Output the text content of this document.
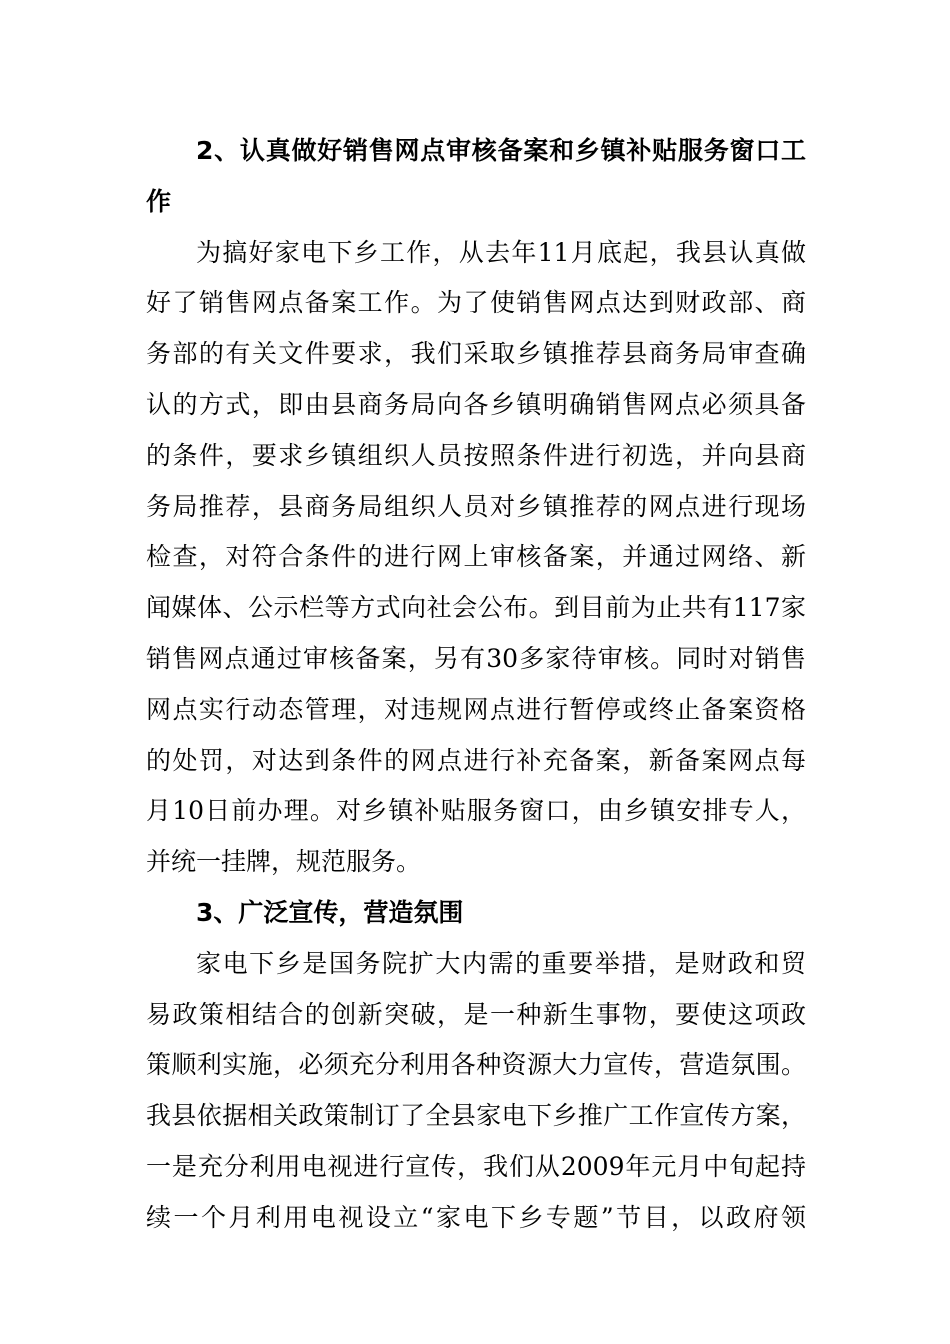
2、认真做好销售网点审核备案和乡镇补贴服务窗口工
作
为搞好家电下乡工作，从去年11月底起，我县认真做
好了销售网点备案工作。为了使销售网点达到财政部、商
务部的有关文件要求，我们采取乡镇推荐县商务局审查确
认的方式，即由县商务局向各乡镇明确销售网点必须具备
的条件，要求乡镇组织人员按照条件进行初选，并向县商
务局推荐，县商务局组织人员对乡镇推荐的网点进行现场
检查，对符合条件的进行网上审核备案，并通过网络、新
闻媒体、公示栏等方式向社会公布。到目前为止共有117家
销售网点通过审核备案，另有30多家待审核。同时对销售
网点实行动态管理，对违规网点进行暂停或终止备案资格
的处罚，对达到条件的网点进行补充备案，新备案网点每
月10日前办理。对乡镇补贴服务窗口，由乡镇安排专人，
并统一挂牌，规范服务。
3、广泛宣传，营造氛围
家电下乡是国务院扩大内需的重要举措，是财政和贸
易政策相结合的创新突破，是一种新生事物，要使这项政
策顺利实施，必须充分利用各种资源大力宣传，营造氛围。
我县依据相关政策制订了全县家电下乡推广工作宣传方案，
一是充分利用电视进行宣传，我们从2009年元月中旬起持
续一个月利用电视设立“家电下乡专题”节目，以政府领
